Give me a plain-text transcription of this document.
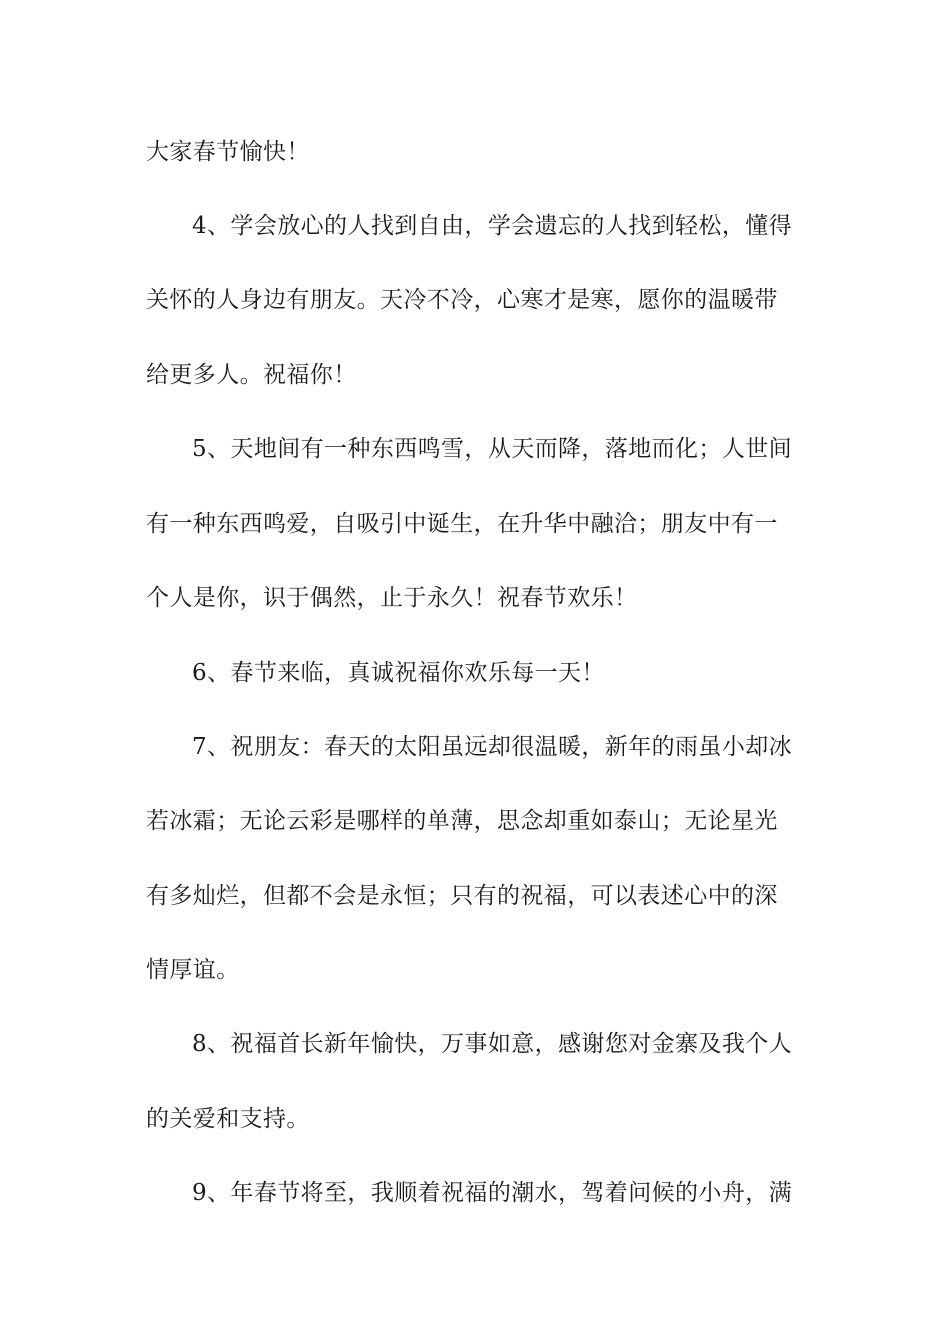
大家春节愉快！
4、学会放心的人找到自由，学会遗忘的人找到轻松，懂得
关怀的人身边有朋友。天冷不冷，心寒才是寒，愿你的温暖带
给更多人。祝福你！
5、天地间有一种东西鸣雪，从天而降，落地而化；人世间
有一种东西鸣爱，自吸引中诞生，在升华中融洽；朋友中有一
个人是你，识于偶然，止于永久！祝春节欢乐！
6、春节来临，真诚祝福你欢乐每一天！
7、祝朋友：春天的太阳虽远却很温暖，新年的雨虽小却冰
若冰霜；无论云彩是哪样的单薄，思念却重如泰山；无论星光
有多灿烂，但都不会是永恒；只有的祝福，可以表述心中的深
情厚谊。
8、祝福首长新年愉快，万事如意，感谢您对金寨及我个人
的关爱和支持。
9、年春节将至，我顺着祝福的潮水，驾着问候的小舟，满
